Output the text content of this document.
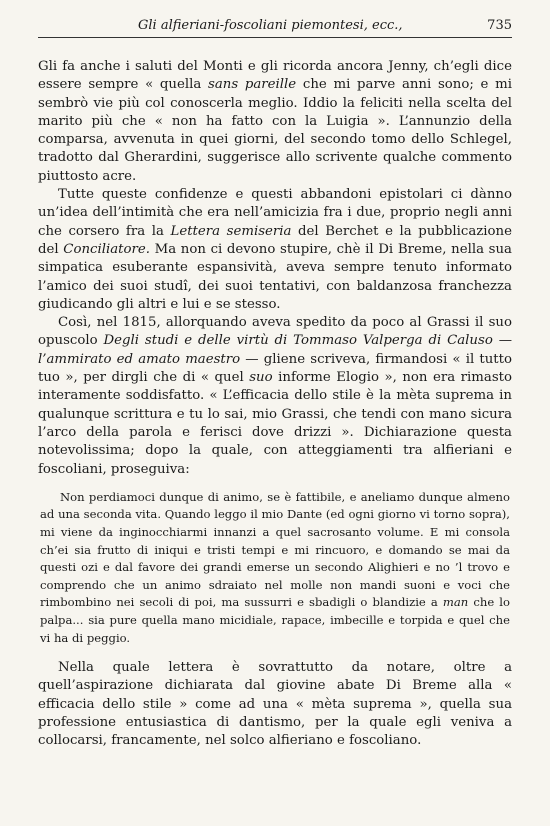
Gli alfieriani-foscoliani piemontesi, ecc.,	735

Gli fa anche i saluti del Monti e gli ricorda ancora Jenny, ch’egli dice essere sempre « quella sans pareille che mi parve anni sono; e mi sembrò vie più col conoscerla meglio. Iddio la feliciti nella scelta del marito più che « non ha fatto con la Luigia ». L’annunzio della comparsa, avvenuta in quei giorni, del secondo tomo dello Schlegel, tradotto dal Gherardini, suggerisce allo scrivente qualche commento piuttosto acre.

Tutte queste confidenze e questi abbandoni epistolari ci dànno un’idea dell’intimità che era nell’amicizia fra i due, proprio negli anni che corsero fra la Lettera semiseria del Berchet e la pubblicazione del Conciliatore. Ma non ci devono stupire, chè il Di Breme, nella sua simpatica esuberante espansività, aveva sempre tenuto informato l’amico dei suoi studî, dei suoi tentativi, con baldanzosa franchezza giudicando gli altri e lui e se stesso.

Così, nel 1815, allorquando aveva spedito da poco al Grassi il suo opuscolo Degli studi e delle virtù di Tommaso Valperga di Caluso — l’ammirato ed amato maestro — gliene scriveva, firmandosi « il tutto tuo », per dirgli che di « quel suo informe Elogio », non era rimasto interamente soddisfatto. « L’efficacia dello stile è la mèta suprema in qualunque scrittura e tu lo sai, mio Grassi, che tendi con mano sicura l’arco della parola e ferisci dove drizzi ». Dichiarazione questa notevolissima; dopo la quale, con atteggiamenti tra alfieriani e foscoliani, proseguiva:

Non perdiamoci dunque di animo, se è fattibile, e aneliamo dunque almeno ad una seconda vita. Quando leggo il mio Dante (ed ogni giorno vi torno sopra), mi viene da inginocchiarmi innanzi a quel sacrosanto volume. E mi consola ch’ei sia frutto di iniqui e tristi tempi e mi rincuoro, e domando se mai da questi ozi e dal favore dei grandi emerse un secondo Alighieri e no ’l trovo e comprendo che un animo sdraiato nel molle non mandi suoni e voci che rimbombino nei secoli di poi, ma sussurri e sbadigli o blandizie a man che lo palpa... sia pure quella mano micidiale, rapace, imbecille e torpida e quel che vi ha di peggio.

Nella quale lettera è sovrattutto da notare, oltre a quell’aspirazione dichiarata dal giovine abate Di Breme alla « efficacia dello stile » come ad una « mèta suprema », quella sua professione entusiastica di dantismo, per la quale egli veniva a collocarsi, francamente, nel solco alfieriano e foscoliano.
